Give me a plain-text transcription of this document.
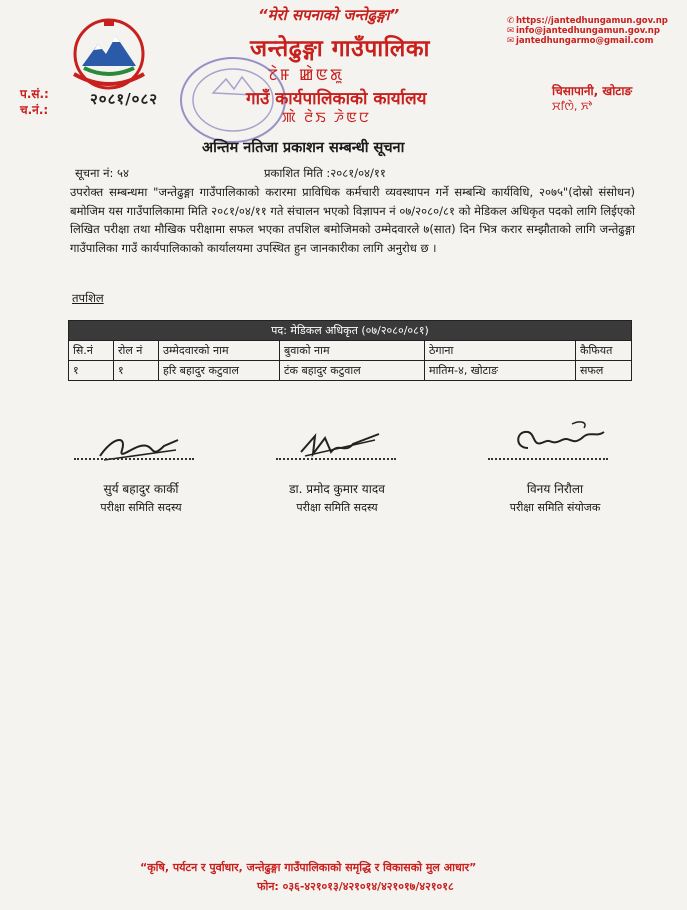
“मेरो सपनाको जन्तेढुङ्गा”
जन्तेढुङ्गा गाउँपालिका
ꯖꯥꯝ ꯀꯥꯟꯗꯨ
गाउँ कार्यपालिकाको कार्यालय
ꯄꯥ ꯂꯥꯏ ꯍꯥꯟꯅ
✆ https://jantedhungamun.gov.np
✉ info@jantedhungamun.gov.np
✉ jantedhungarmo@gmail.com
प.सं.:
च.नं.:
२०८१/०८२	चिसापानी, खोटाङ
ꯆꯤꯁꯥ, ꯈꯣ
अन्तिम नतिजा प्रकाशन सम्बन्धी सूचना
सूचना नं: ५४	प्रकाशित मिति :२०८१/०४/११
उपरोक्त सम्बन्धमा "जन्तेढुङ्गा गाउँपालिकाको करारमा प्राविधिक कर्मचारी व्यवस्थापन गर्ने सम्बन्धि कार्यविधि, २०७५"(दोस्रो संसोधन) बमोजिम यस गाउँपालिकामा मिति २०८१/०४/११ गते संचालन भएको विज्ञापन नं ०७/२०८०/८१ को मेडिकल अधिकृत पदको लागि लिईएको लिखित परीक्षा तथा मौखिक परीक्षामा सफल भएका तपशिल बमोजिमको उम्मेदवारले ७(सात) दिन भित्र करार सम्झौताको लागि जन्तेढुङ्गा गाउँपालिका गाउँ कार्यपालिकाको कार्यालयमा उपस्थित हुन जानकारीका लागि अनुरोध छ ।
तपशिल
पद: मेडिकल अधिकृत (०७/२०८०/०८१)					
सि.नं	रोल नं	उम्मेदवारको नाम	बुवाको नाम	ठेगाना	कैफियत
१	१	हरि बहादुर कटुवाल	टंक बहादुर कटुवाल	मातिम-४, खोटाङ	सफल
सुर्य बहादुर कार्की
परीक्षा समिति सदस्य
डा. प्रमोद कुमार यादव
परीक्षा समिति सदस्य
विनय निरौला
परीक्षा समिति संयोजक
“कृषि, पर्यटन र पुर्वाधार, जन्तेढुङ्गा गाउँपालिकाको समृद्धि र विकासको मुल आधार”
फोन: ०३६-४२१०१३/४२१०१४/४२१०१७/४२१०१८
